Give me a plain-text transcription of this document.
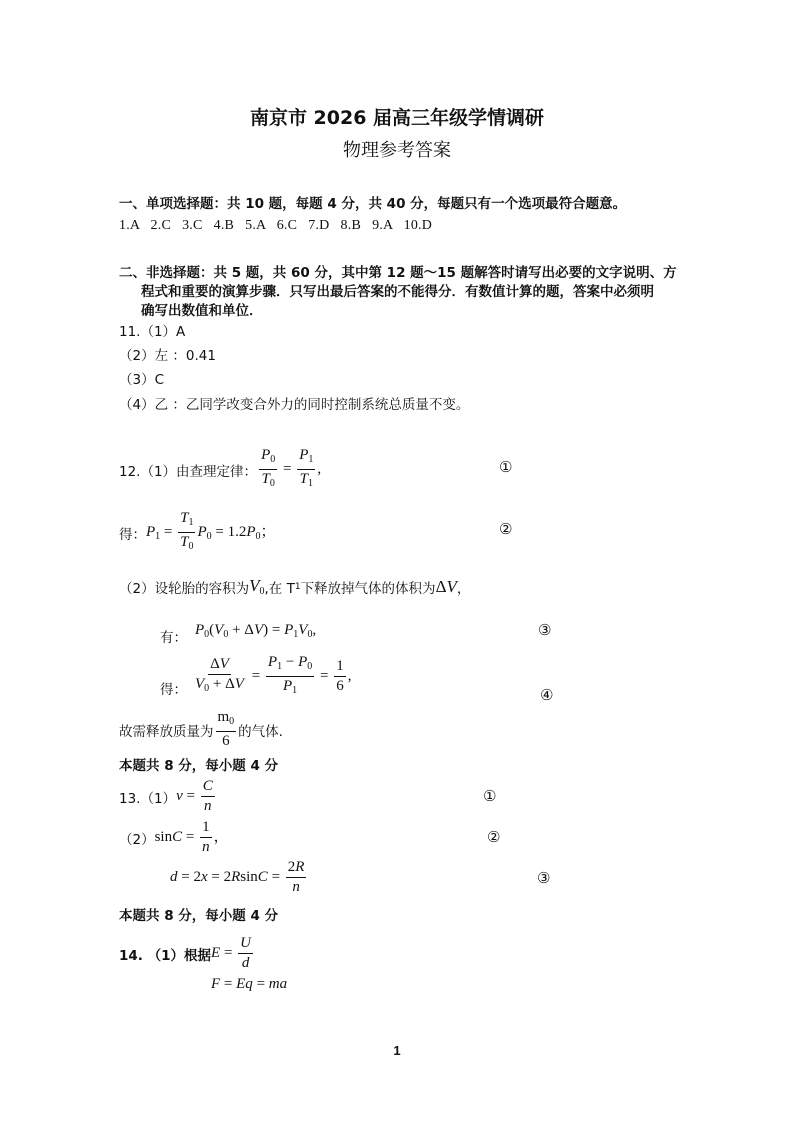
南京市 2026 届高三年级学情调研
物理参考答案
一、单项选择题：共 10 题，每题 4 分，共 40 分，每题只有一个选项最符合题意。
1.A   2.C   3.C   4.B   5.A   6.C   7.D   8.B   9.A   10.D
二、非选择题：共 5 题，共 60 分，其中第 12 题～15 题解答时请写出必要的文字说明、方
程式和重要的演算步骤．只写出最后答案的不能得分．有数值计算的题，答案中必须明
确写出数值和单位．
11.（1）A
（2）左 ：0.41
（3）C
（4）乙 ：乙同学改变合外力的同时控制系统总质量不变。
12.（1）由查理定律： $\frac{P_0}{T_0} = \frac{P_1}{T_1}$ ,	①
得： $P_1 = \frac{T_1}{T_0} P_0 = 1.2P_0$；	②
（2）设轮胎的容积为 $V_0$ ,在 T 1 下释放掉气体的体积为 ΔV ，
有： $P_0(V_0 + \Delta V) = P_1V_0$,	③
得： $\frac{\Delta V}{V_0 + \Delta V} = \frac{P_1 - P_0}{P_1} = \frac{1}{6}$ ,
④
故需释放质量为 $\frac{m_0}{6}$ 的气体.
本题共 8 分，每小题 4 分
13.（1） $v = \frac{C}{n}$	①
（2） $\sin C = \frac{1}{n}$ ，	②
$d = 2x = 2RsinC = \frac{2R}{n}$	③
本题共 8 分，每小题 4 分
14. （1）根据 $E = \frac{U}{d}$
F = Eq = ma
1
